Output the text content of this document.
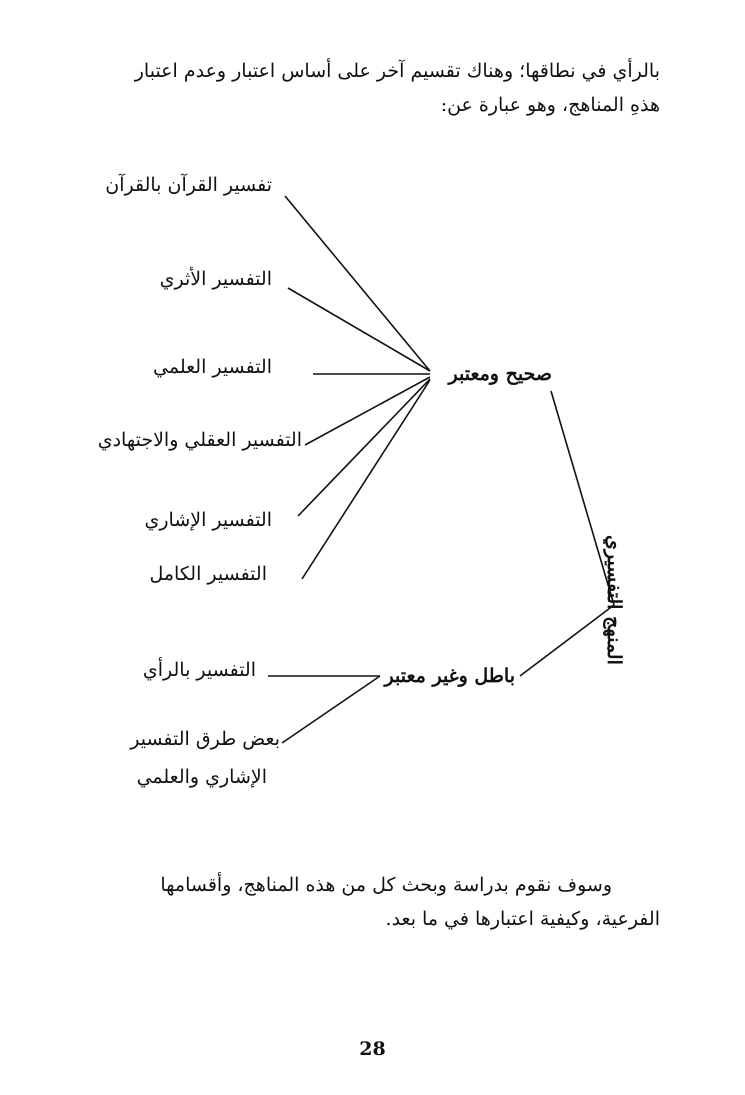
بالرأي في نطاقها؛ وهناك تقسيم آخر على أساس اعتبار وعدم اعتبار
هذهِ المناهج، وهو عبارة عن:
المنهج التفسيري
صحيح ومعتبر
باطل وغير معتبر
تفسير القرآن بالقرآن
التفسير الأثري
التفسير العلمي
التفسير العقلي والاجتهادي
التفسير الإشاري
التفسير الكامل
التفسير بالرأي
بعض طرق التفسير
الإشاري والعلمي
وسوف نقوم بدراسة وبحث كل من هذه المناهج، وأقسامها
الفرعية، وكيفية اعتبارها في ما بعد.
28
